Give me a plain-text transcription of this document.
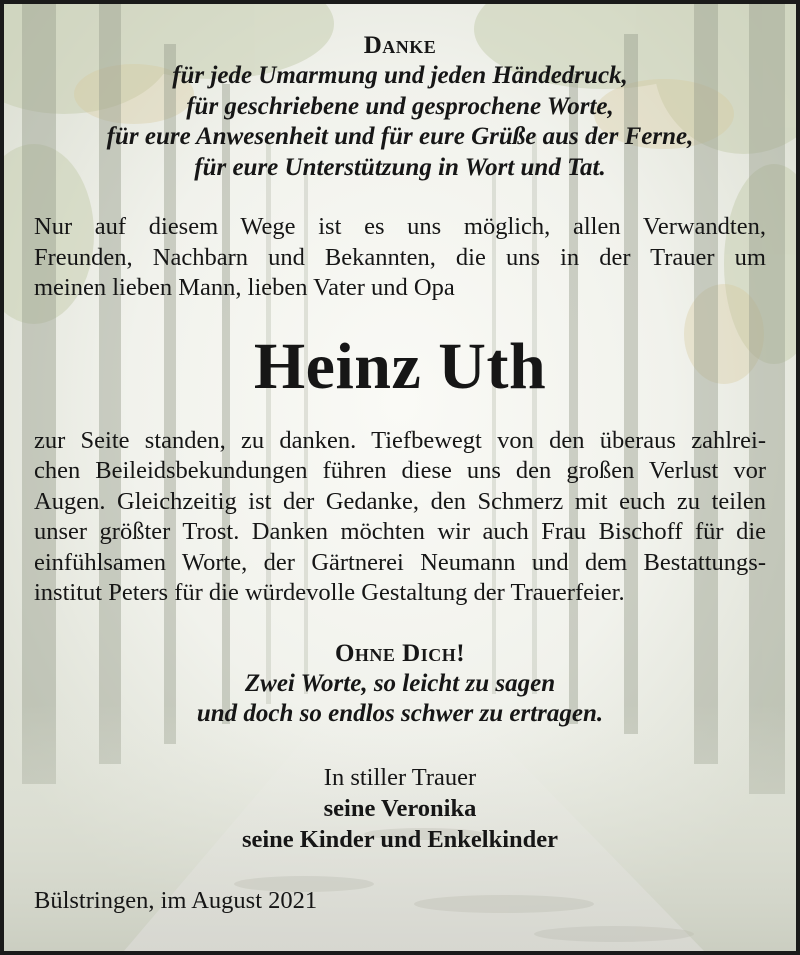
Danke
für jede Umarmung und jeden Händedruck,
für geschriebene und gesprochene Worte,
für eure Anwesenheit und für eure Grüße aus der Ferne,
für eure Unterstützung in Wort und Tat.
Nur auf diesem Wege ist es uns möglich, allen Verwandten,
Freunden, Nachbarn und Bekannten, die uns in der Trauer um
meinen lieben Mann, lieben Vater und Opa
Heinz Uth
zur Seite standen, zu danken. Tiefbewegt von den überaus zahlrei-
chen Beileidsbekundungen führen diese uns den großen Verlust vor
Augen. Gleichzeitig ist der Gedanke, den Schmerz mit euch zu teilen
unser größter Trost. Danken möchten wir auch Frau Bischoff für die
einfühlsamen Worte, der Gärtnerei Neumann und dem Bestattungs-
institut Peters für die würdevolle Gestaltung der Trauerfeier.
Ohne Dich!
Zwei Worte, so leicht zu sagen
und doch so endlos schwer zu ertragen.
In stiller Trauer
seine Veronika
seine Kinder und Enkelkinder
Bülstringen, im August 2021
